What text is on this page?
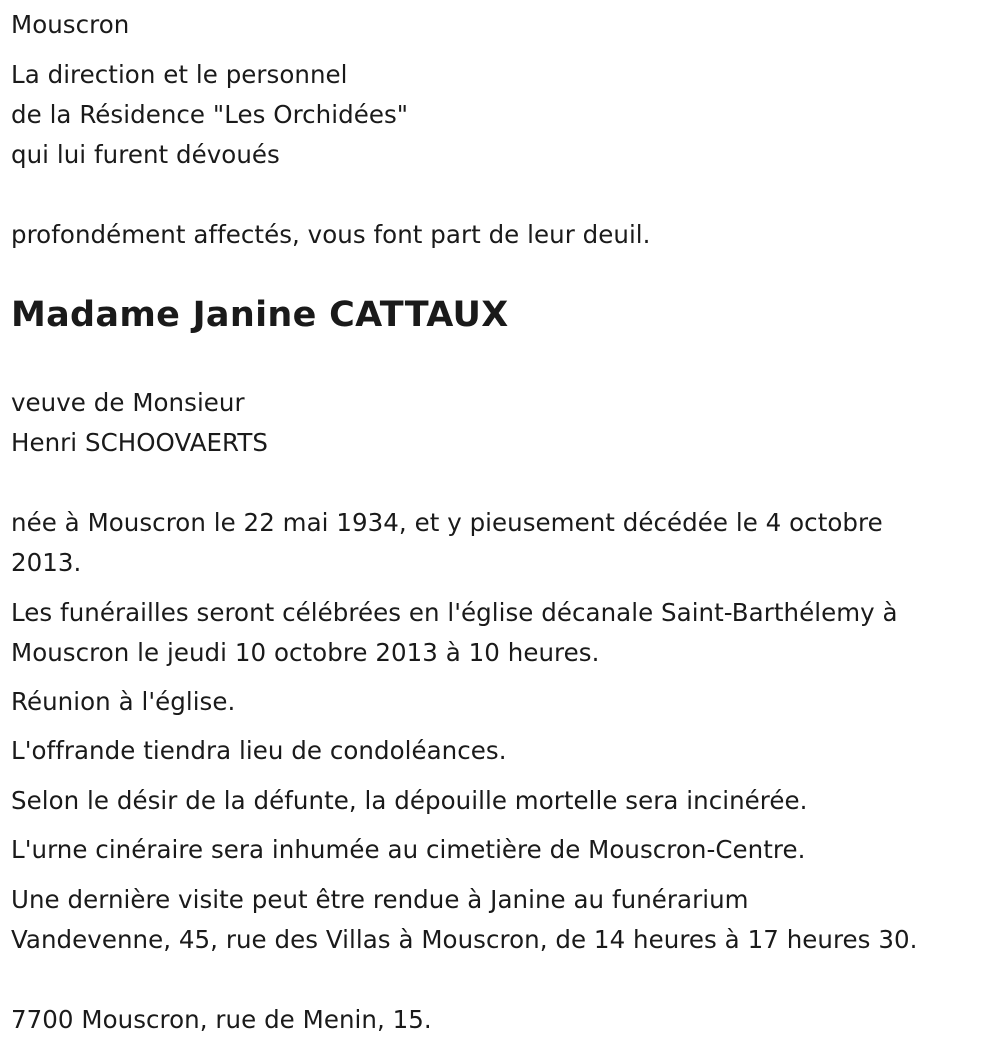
Mouscron
La direction et le personnel
de la Résidence "Les Orchidées"
qui lui furent dévoués
profondément affectés, vous font part de leur deuil.
Madame Janine CATTAUX
veuve de Monsieur
Henri SCHOOVAERTS
née à Mouscron le 22 mai 1934, et y pieusement décédée le 4 octobre
2013.
Les funérailles seront célébrées en l'église décanale Saint-Barthélemy à
Mouscron le jeudi 10 octobre 2013 à 10 heures.
Réunion à l'église.
L'offrande tiendra lieu de condoléances.
Selon le désir de la défunte, la dépouille mortelle sera incinérée.
L'urne cinéraire sera inhumée au cimetière de Mouscron-Centre.
Une dernière visite peut être rendue à Janine au funérarium
Vandevenne, 45, rue des Villas à Mouscron, de 14 heures à 17 heures 30.
7700 Mouscron, rue de Menin, 15.
